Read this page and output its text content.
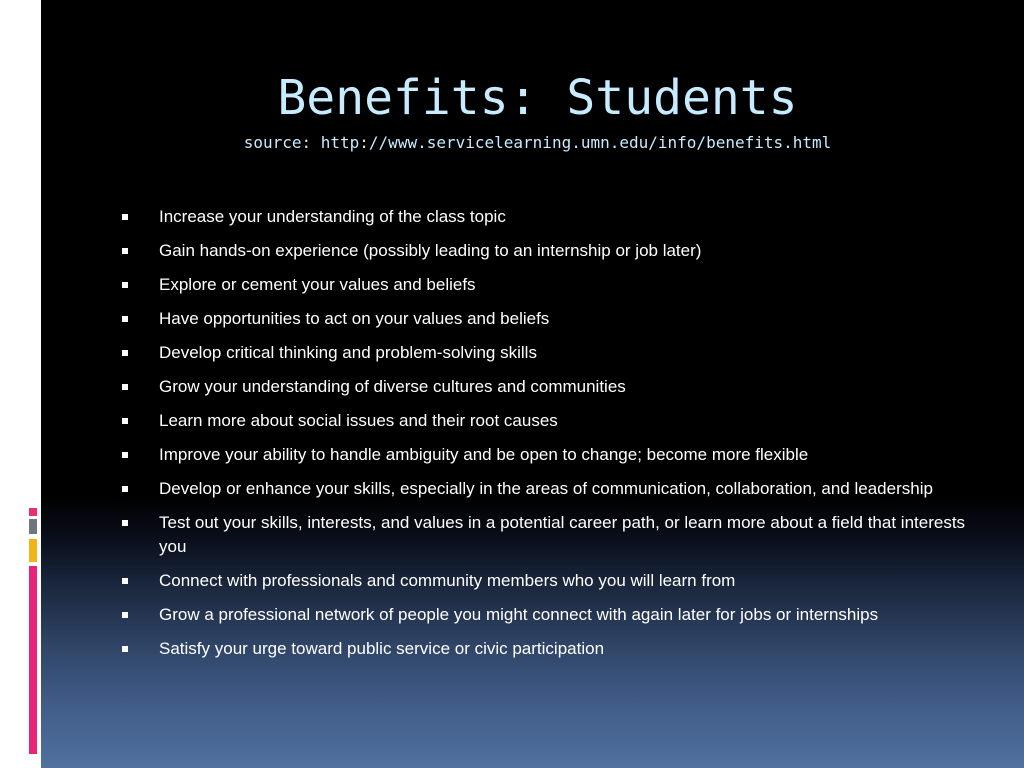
Benefits: Students

source: http://www.servicelearning.umn.edu/info/benefits.html

Increase your understanding of the class topic
Gain hands-on experience (possibly leading to an internship or job later)
Explore or cement your values and beliefs
Have opportunities to act on your values and beliefs
Develop critical thinking and problem-solving skills
Grow your understanding of diverse cultures and communities
Learn more about social issues and their root causes
Improve your ability to handle ambiguity and be open to change; become more flexible
Develop or enhance your skills, especially in the areas of communication, collaboration, and leadership
Test out your skills, interests, and values in a potential career path, or learn more about a field that interests you
Connect with professionals and community members who you will learn from
Grow a professional network of people you might connect with again later for jobs or internships
Satisfy your urge toward public service or civic participation
